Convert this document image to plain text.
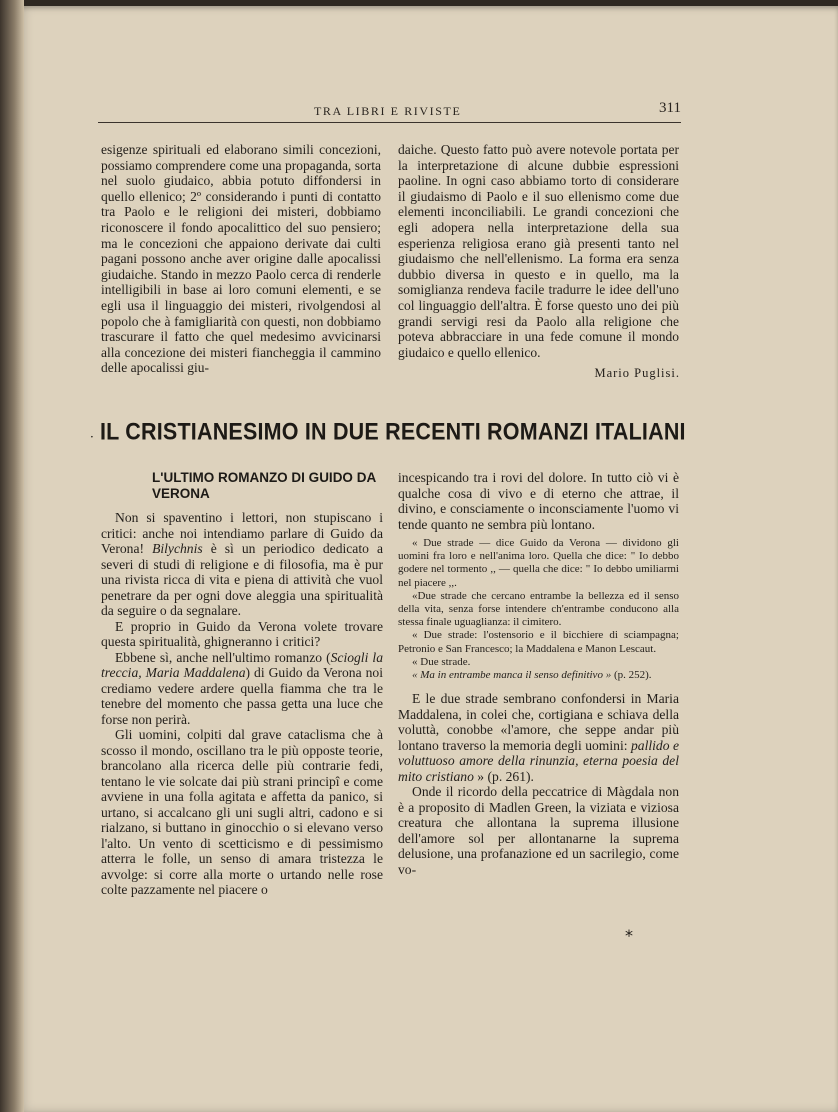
TRA LIBRI E RIVISTE	311

esigenze spirituali ed elaborano simili concezioni, possiamo comprendere come una propaganda, sorta nel suolo giudaico, abbia potuto diffondersi in quello ellenico; 2º considerando i punti di contatto tra Paolo e le religioni dei misteri, dobbiamo riconoscere il fondo apocalittico del suo pensiero; ma le concezioni che appaiono derivate dai culti pagani possono anche aver origine dalle apocalissi giudaiche. Stando in mezzo Paolo cerca di renderle intelligibili in base ai loro comuni elementi, e se egli usa il linguaggio dei misteri, rivolgendosi al popolo che à famigliarità con questi, non dobbiamo trascurare il fatto che quel medesimo avvicinarsi alla concezione dei misteri fiancheggia il cammino delle apocalissi giu-

daiche. Questo fatto può avere notevole portata per la interpretazione di alcune dubbie espressioni paoline. In ogni caso abbiamo torto di considerare il giudaismo di Paolo e il suo ellenismo come due elementi inconciliabili. Le grandi concezioni che egli adopera nella interpretazione della sua esperienza religiosa erano già presenti tanto nel giudaismo che nell'ellenismo. La forma era senza dubbio diversa in questo e in quello, ma la somiglianza rendeva facile tradurre le idee dell'uno col linguaggio dell'altra. È forse questo uno dei più grandi servigi resi da Paolo alla religione che poteva abbracciare in una fede comune il mondo giudaico e quello ellenico.

Mario Puglisi.
· IL CRISTIANESIMO IN DUE RECENTI ROMANZI ITALIANI
L'ULTIMO ROMANZO DI GUIDO DA VERONA

Non si spaventino i lettori, non stupiscano i critici: anche noi intendiamo parlare di Guido da Verona! Bilychnis è sì un periodico dedicato a severi di studi di religione e di filosofia, ma è pur una rivista ricca di vita e piena di attività che vuol penetrare da per ogni dove aleggia una spiritualità da seguire o da segnalare.

E proprio in Guido da Verona volete trovare questa spiritualità, ghigneranno i critici?

Ebbene sì, anche nell'ultimo romanzo (Sciogli la treccia, Maria Maddalena) di Guido da Verona noi crediamo vedere ardere quella fiamma che tra le tenebre del momento che passa getta una luce che forse non perirà.

Gli uomini, colpiti dal grave cataclisma che à scosso il mondo, oscillano tra le più opposte teorie, brancolano alla ricerca delle più contrarie fedi, tentano le vie solcate dai più strani principî e come avviene in una folla agitata e affetta da panico, si urtano, si accalcano gli uni sugli altri, cadono e si rialzano, si buttano in ginocchio o si elevano verso l'alto. Un vento di scetticismo e di pessimismo atterra le folle, un senso di amara tristezza le avvolge: si corre alla morte o urtando nelle rose colte pazzamente nel piacere o

incespicando tra i rovi del dolore. In tutto ciò vi è qualche cosa di vivo e di eterno che attrae, il divino, e consciamente o inconsciamente l'uomo vi tende quanto ne sembra più lontano.

« Due strade — dice Guido da Verona — dividono gli uomini fra loro e nell'anima loro. Quella che dice: " Io debbo godere nel tormento ,, — quella che dice: " Io debbo umiliarmi nel piacere ,,.

«Due strade che cercano entrambe la bellezza ed il senso della vita, senza forse intendere ch'entrambe conducono alla stessa finale uguaglianza: il cimitero.

« Due strade: l'ostensorio e il bicchiere di sciampagna; Petronio e San Francesco; la Maddalena e Manon Lescaut.

« Due strade.

« Ma in entrambe manca il senso definitivo » (p. 252).

E le due strade sembrano confondersi in Maria Maddalena, in colei che, cortigiana e schiava della voluttà, conobbe «l'amore, che seppe andar più lontano traverso la memoria degli uomini: pallido e voluttuoso amore della rinunzia, eterna poesia del mito cristiano » (p. 261).

Onde il ricordo della peccatrice di Màgdala non è a proposito di Madlen Green, la viziata e viziosa creatura che allontana la suprema illusione dell'amore sol per allontanarne la suprema delusione, una profanazione ed un sacrilegio, come vo-

*
